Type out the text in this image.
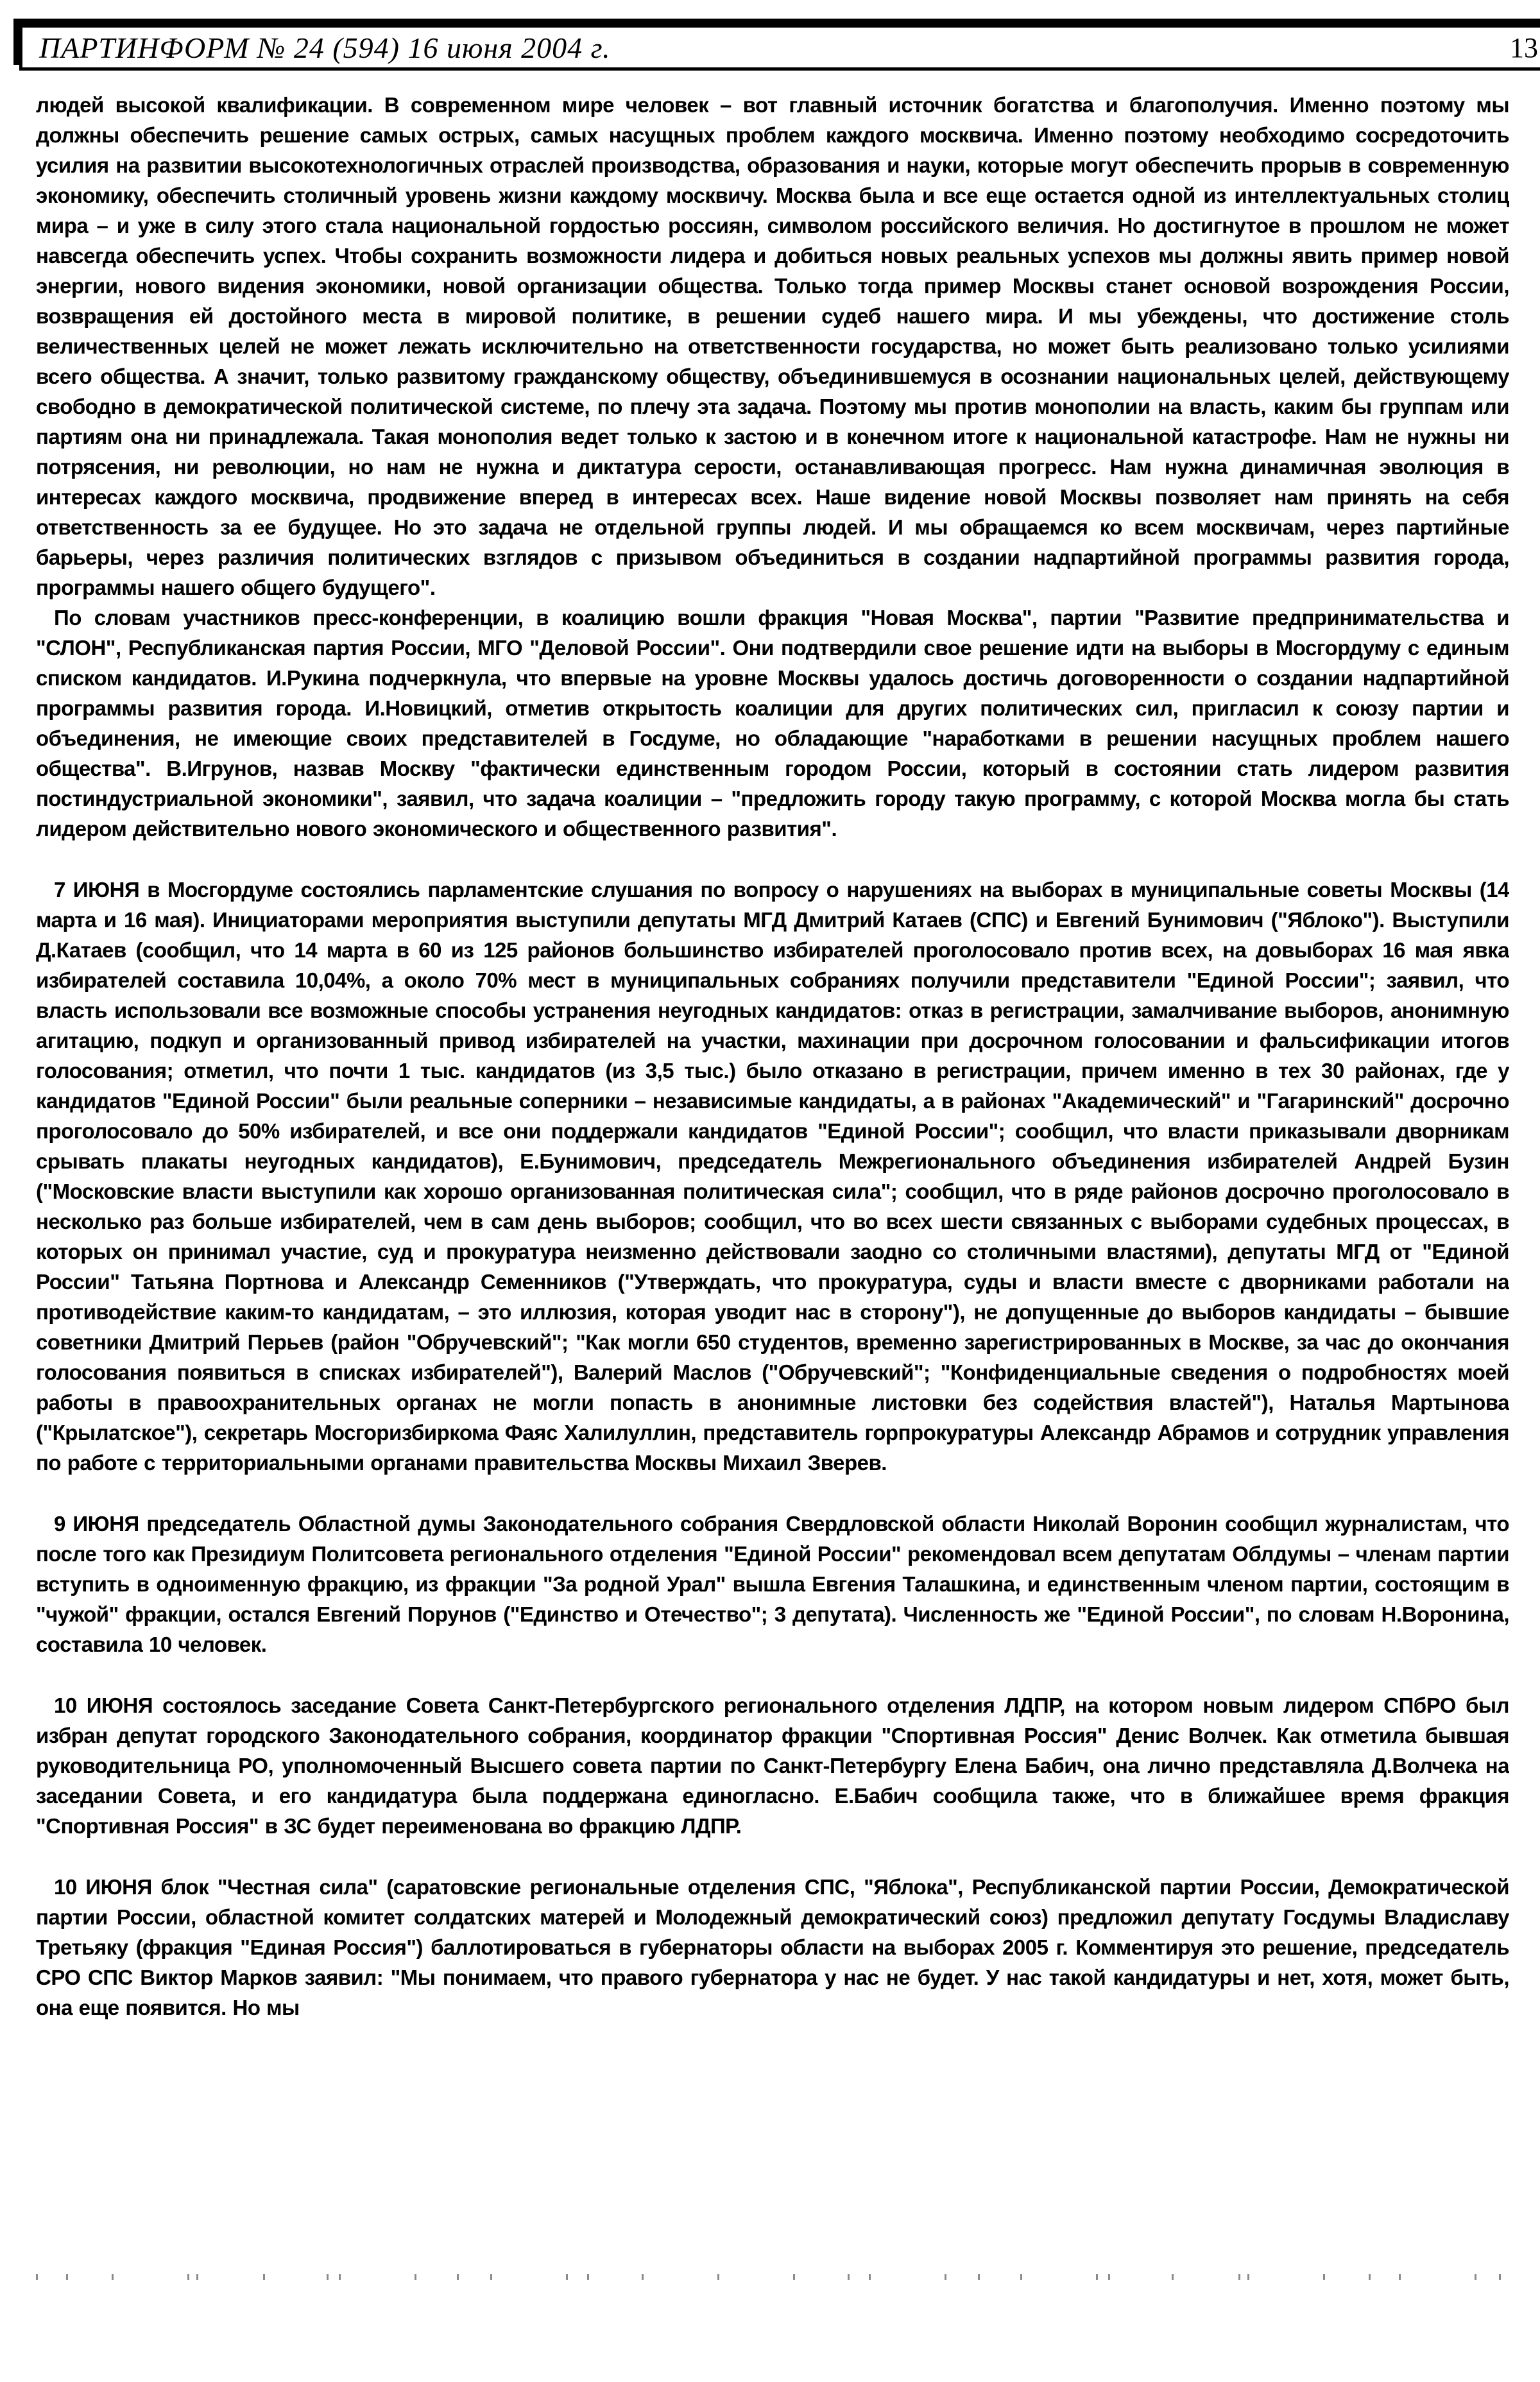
ПАРТИНФОРМ № 24 (594) 16 июня 2004 г.	13

людей высокой квалификации. В современном мире человек – вот главный источник богатства и благополучия. Именно поэтому мы должны обеспечить решение самых острых, самых насущных проблем каждого москвича. Именно поэтому необходимо сосредоточить усилия на развитии высокотехнологичных отраслей производства, образования и науки, которые могут обеспечить прорыв в современную экономику, обеспечить столичный уровень жизни каждому москвичу. Москва была и все еще остается одной из интеллектуальных столиц мира – и уже в силу этого стала национальной гордостью россиян, символом российского величия. Но достигнутое в прошлом не может навсегда обеспечить успех. Чтобы сохранить возможности лидера и добиться новых реальных успехов мы должны явить пример новой энергии, нового видения экономики, новой организации общества. Только тогда пример Москвы станет основой возрождения России, возвращения ей достойного места в мировой политике, в решении судеб нашего мира. И мы убеждены, что достижение столь величественных целей не может лежать исключительно на ответственности государства, но может быть реализовано только усилиями всего общества. А значит, только развитому гражданскому обществу, объединившемуся в осознании национальных целей, действующему свободно в демократической политической системе, по плечу эта задача. Поэтому мы против монополии на власть, каким бы группам или партиям она ни принадлежала. Такая монополия ведет только к застою и в конечном итоге к национальной катастрофе. Нам не нужны ни потрясения, ни революции, но нам не нужна и диктатура серости, останавливающая прогресс. Нам нужна динамичная эволюция в интересах каждого москвича, продвижение вперед в интересах всех. Наше видение новой Москвы позволяет нам принять на себя ответственность за ее будущее. Но это задача не отдельной группы людей. И мы обращаемся ко всем москвичам, через партийные барьеры, через различия политических взглядов с призывом объединиться в создании надпартийной программы развития города, программы нашего общего будущего".

По словам участников пресс-конференции, в коалицию вошли фракция "Новая Москва", партии "Развитие предпринимательства и "СЛОН", Республиканская партия России, МГО "Деловой России". Они подтвердили свое решение идти на выборы в Мосгордуму с единым списком кандидатов. И.Рукина подчеркнула, что впервые на уровне Москвы удалось достичь договоренности о создании надпартийной программы развития города. И.Новицкий, отметив открытость коалиции для других политических сил, пригласил к союзу партии и объединения, не имеющие своих представителей в Госдуме, но обладающие "наработками в решении насущных проблем нашего общества". В.Игрунов, назвав Москву "фактически единственным городом России, который в состоянии стать лидером развития постиндустриальной экономики", заявил, что задача коалиции – "предложить городу такую программу, с которой Москва могла бы стать лидером действительно нового экономического и общественного развития".

7 ИЮНЯ в Мосгордуме состоялись парламентские слушания по вопросу о нарушениях на выборах в муниципальные советы Москвы (14 марта и 16 мая). Инициаторами мероприятия выступили депутаты МГД Дмитрий Катаев (СПС) и Евгений Бунимович ("Яблоко"). Выступили Д.Катаев (сообщил, что 14 марта в 60 из 125 районов большинство избирателей проголосовало против всех, на довыборах 16 мая явка избирателей составила 10,04%, а около 70% мест в муниципальных собраниях получили представители "Единой России"; заявил, что власть использовали все возможные способы устранения неугодных кандидатов: отказ в регистрации, замалчивание выборов, анонимную агитацию, подкуп и организованный привод избирателей на участки, махинации при досрочном голосовании и фальсификации итогов голосования; отметил, что почти 1 тыс. кандидатов (из 3,5 тыс.) было отказано в регистрации, причем именно в тех 30 районах, где у кандидатов "Единой России" были реальные соперники – независимые кандидаты, а в районах "Академический" и "Гагаринский" досрочно проголосовало до 50% избирателей, и все они поддержали кандидатов "Единой России"; сообщил, что власти приказывали дворникам срывать плакаты неугодных кандидатов), Е.Бунимович, председатель Межрегионального объединения избирателей Андрей Бузин ("Московские власти выступили как хорошо организованная политическая сила"; сообщил, что в ряде районов досрочно проголосовало в несколько раз больше избирателей, чем в сам день выборов; сообщил, что во всех шести связанных с выборами судебных процессах, в которых он принимал участие, суд и прокуратура неизменно действовали заодно со столичными властями), депутаты МГД от "Единой России" Татьяна Портнова и Александр Семенников ("Утверждать, что прокуратура, суды и власти вместе с дворниками работали на противодействие каким-то кандидатам, – это иллюзия, которая уводит нас в сторону"), не допущенные до выборов кандидаты – бывшие советники Дмитрий Перьев (район "Обручевский"; "Как могли 650 студентов, временно зарегистрированных в Москве, за час до окончания голосования появиться в списках избирателей"), Валерий Маслов ("Обручевский"; "Конфиденциальные сведения о подробностях моей работы в правоохранительных органах не могли попасть в анонимные листовки без содействия властей"), Наталья Мартынова ("Крылатское"), секретарь Мосгоризбиркома Фаяс Халилуллин, представитель горпрокуратуры Александр Абрамов и сотрудник управления по работе с территориальными органами правительства Москвы Михаил Зверев.

9 ИЮНЯ председатель Областной думы Законодательного собрания Свердловской области Николай Воронин сообщил журналистам, что после того как Президиум Политсовета регионального отделения "Единой России" рекомендовал всем депутатам Облдумы – членам партии вступить в одноименную фракцию, из фракции "За родной Урал" вышла Евгения Талашкина, и единственным членом партии, состоящим в "чужой" фракции, остался Евгений Порунов ("Единство и Отечество"; 3 депутата). Численность же "Единой России", по словам Н.Воронина, составила 10 человек.

10 ИЮНЯ состоялось заседание Совета Санкт-Петербургского регионального отделения ЛДПР, на котором новым лидером СПбРО был избран депутат городского Законодательного собрания, координатор фракции "Спортивная Россия" Денис Волчек. Как отметила бывшая руководительница РО, уполномоченный Высшего совета партии по Санкт-Петербургу Елена Бабич, она лично представляла Д.Волчека на заседании Совета, и его кандидатура была поддержана единогласно. Е.Бабич сообщила также, что в ближайшее время фракция "Спортивная Россия" в ЗС будет переименована во фракцию ЛДПР.

10 ИЮНЯ блок "Честная сила" (саратовские региональные отделения СПС, "Яблока", Республиканской партии России, Демократической партии России, областной комитет солдатских матерей и Молодежный демократический союз) предложил депутату Госдумы Владиславу Третьяку (фракция "Единая Россия") баллотироваться в губернаторы области на выборах 2005 г. Комментируя это решение, председатель СРО СПС Виктор Марков заявил: "Мы понимаем, что правого губернатора у нас не будет. У нас такой кандидатуры и нет, хотя, может быть, она еще появится. Но мы
